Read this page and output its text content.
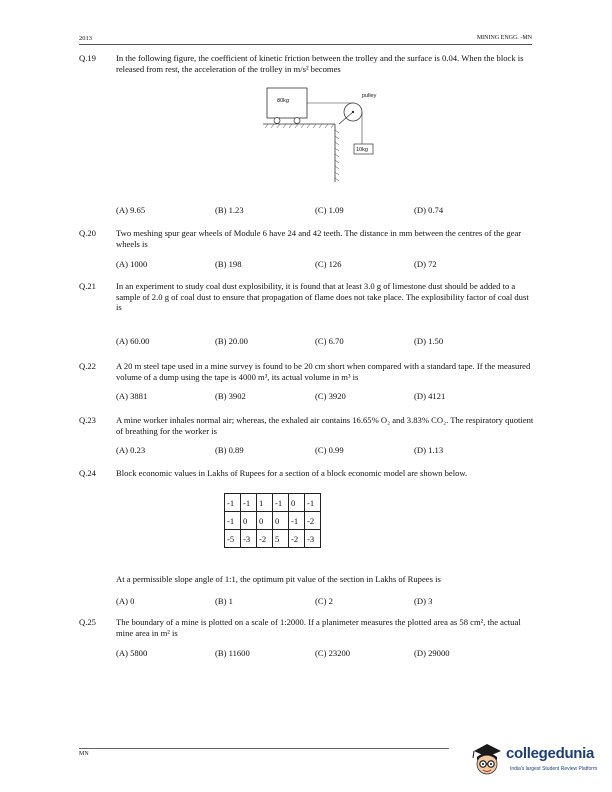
2013	MINING ENGG. -MN
Q.19 In the following figure, the coefficient of kinetic friction between the trolley and the surface is 0.04. When the block is released from rest, the acceleration of the trolley in m/s² becomes
80kg
pulley
10kg
(A) 9.65	(B) 1.23	(C) 1.09	(D) 0.74
Q.20 Two meshing spur gear wheels of Module 6 have 24 and 42 teeth. The distance in mm between the centres of the gear wheels is
(A) 1000	(B) 198	(C) 126	(D) 72
Q.21 In an experiment to study coal dust explosibility, it is found that at least 3.0 g of limestone dust should be added to a sample of 2.0 g of coal dust to ensure that propagation of flame does not take place. The explosibility factor of coal dust is
(A) 60.00	(B) 20.00	(C) 6.70	(D) 1.50
Q.22 A 20 m steel tape used in a mine survey is found to be 20 cm short when compared with a standard tape. If the measured volume of a dump using the tape is 4000 m³, its actual volume in m³ is
(A) 3881	(B) 3902	(C) 3920	(D) 4121
Q.23 A mine worker inhales normal air; whereas, the exhaled air contains 16.65% O₂ and 3.83% CO₂. The respiratory quotient of breathing for the worker is
(A) 0.23	(B) 0.89	(C) 0.99	(D) 1.13
Q.24 Block economic values in Lakhs of Rupees for a section of a block economic model are shown below.
-1	-1	1	-1	0	-1
-1	0	0	0	-1	-2
-5	-3	-2	5	-2	-3
At a permissible slope angle of 1:1, the optimum pit value of the section in Lakhs of Rupees is
(A) 0	(B) 1	(C) 2	(D) 3
Q.25 The boundary of a mine is plotted on a scale of 1:2000. If a planimeter measures the plotted area as 58 cm², the actual mine area in m² is
(A) 5800	(B) 11600	(C) 23200	(D) 29000
MN	collegedunia
India's largest Student Review Platform
